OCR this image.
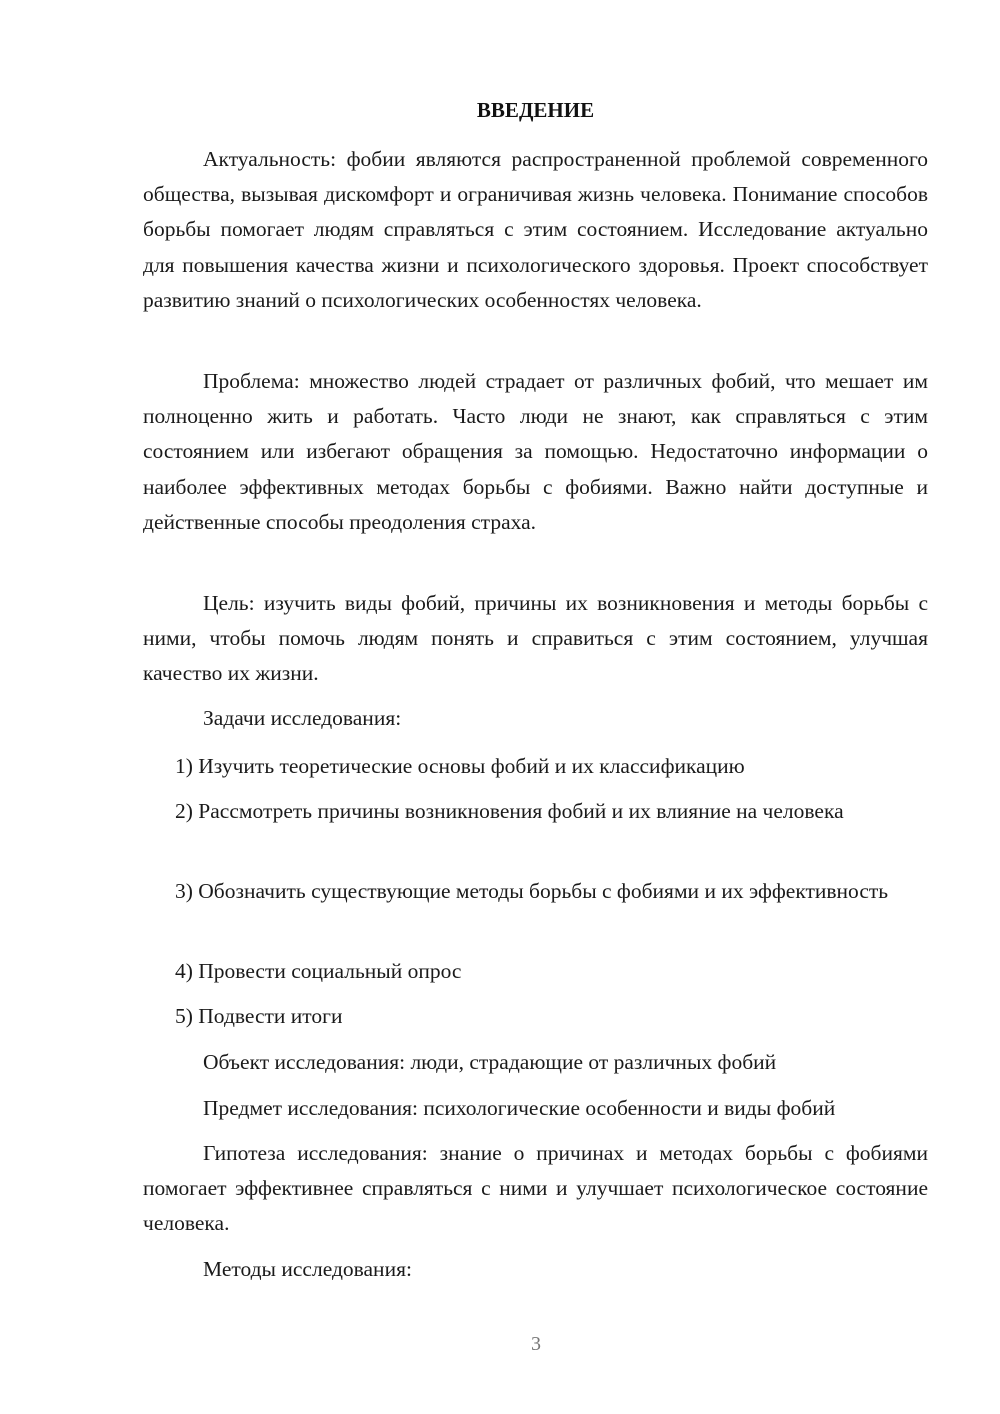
ВВЕДЕНИЕ

Актуальность: фобии являются распространенной проблемой современного общества, вызывая дискомфорт и ограничивая жизнь человека. Понимание способов борьбы помогает людям справляться с этим состоянием. Исследование актуально для повышения качества жизни и психологического здоровья. Проект способствует развитию знаний о психологических особенностях человека.

Проблема: множество людей страдает от различных фобий, что мешает им полноценно жить и работать. Часто люди не знают, как справляться с этим состоянием или избегают обращения за помощью. Недостаточно информации о наиболее эффективных методах борьбы с фобиями. Важно найти доступные и действенные способы преодоления страха.

Цель: изучить виды фобий, причины их возникновения и методы борьбы с ними, чтобы помочь людям понять и справиться с этим состоянием, улучшая качество их жизни.

Задачи исследования:

1) Изучить теоретические основы фобий и их классификацию

2) Рассмотреть причины возникновения фобий и их влияние на человека

3) Обозначить существующие методы борьбы с фобиями и их эффективность

4) Провести социальный опрос

5) Подвести итоги

Объект исследования: люди, страдающие от различных фобий

Предмет исследования: психологические особенности и виды фобий

Гипотеза исследования: знание о причинах и методах борьбы с фобиями помогает эффективнее справляться с ними и улучшает психологическое состояние человека.

Методы исследования:

3
